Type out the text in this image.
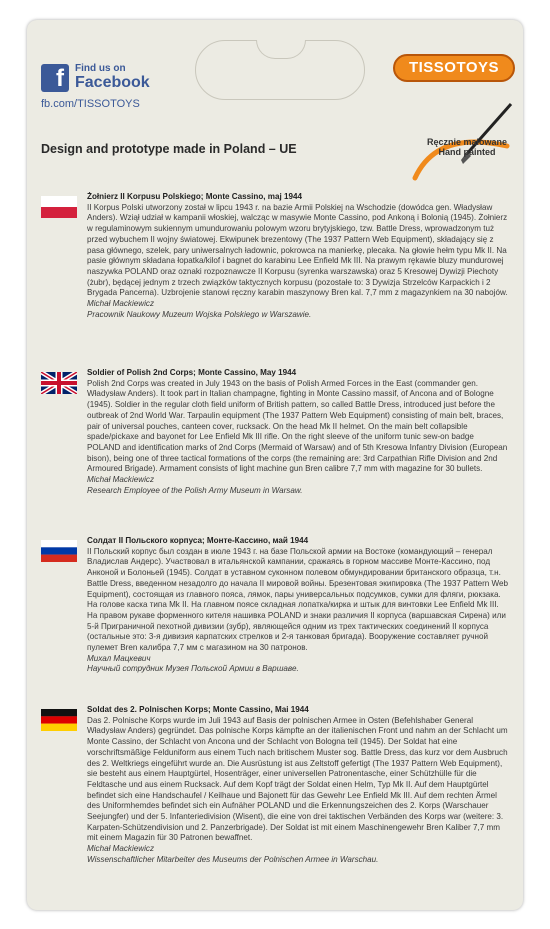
f	Find us on
Facebook
fb.com/TISSOTOYS
TISSOTOYS
Ręcznie malowane
Hand painted
Design and prototype made in Poland – UE
Żołnierz II Korpusu Polskiego; Monte Cassino, maj 1944
II Korpus Polski utworzony został w lipcu 1943 r. na bazie Armii Polskiej na Wschodzie (dowódca gen. Władysław Anders). Wziął udział w kampanii włoskiej, walcząc w masywie Monte Cassino, pod Ankoną i Bolonią (1945). Żołnierz w regulaminowym sukiennym umundurowaniu polowym wzoru brytyjskiego, tzw. Battle Dress, wprowadzonym tuż przed wybuchem II wojny światowej. Ekwipunek brezentowy (The 1937 Pattern Web Equipment), składający się z pasa głównego, szelek, pary uniwersalnych ładownic, pokrowca na manierkę, plecaka. Na głowie hełm typu Mk II. Na pasie głównym składana łopatka/kilof i bagnet do karabinu Lee Enfield Mk III. Na prawym rękawie bluzy mundurowej naszywka POLAND oraz oznaki rozpoznawcze II Korpusu (syrenka warszawska) oraz 5 Kresowej Dywizji Piechoty (żubr), będącej jednym z trzech związków taktycznych korpusu (pozostałe to: 3 Dywizja Strzelców Karpackich i 2 Brygada Pancerna). Uzbrojenie stanowi ręczny karabin maszynowy Bren kal. 7,7 mm z magazynkiem na 30 nabojów.
Michał Mackiewicz
Pracownik Naukowy Muzeum Wojska Polskiego w Warszawie.
Soldier of Polish 2nd Corps; Monte Cassino, May 1944
Polish 2nd Corps was created in July 1943 on the basis of Polish Armed Forces in the East (commander gen. Władysław Anders). It took part in Italian champagne, fighting in Monte Cassino massif, of Ancona and of Bologne (1945). Soldier in the regular cloth field uniform of British pattern, so called Battle Dress, introduced just before the outbreak of 2nd World War. Tarpaulin equipment (The 1937 Pattern Web Equipment) consisting of main belt, braces, pair of universal pouches, canteen cover, rucksack. On the head Mk II helmet. On the main belt collapsible spade/pickaxe and bayonet for Lee Enfield Mk III rifle. On the right sleeve of the uniform tunic sew-on badge POLAND and identification marks of 2nd Corps (Mermaid of Warsaw) and of 5th Kresowa Infantry Division (European bison), being one of three tactical formations of the corps (the remaining are: 3rd Carpathian Rifle Division and 2nd Armoured Brigade). Armament consists of light machine gun Bren calibre 7,7 mm with magazine for 30 bullets.
Michał Mackiewicz
Research Employee of the Polish Army Museum in Warsaw.
Солдат II Польского корпуса; Монте-Кассино, май 1944
II Польский корпус был создан в июле 1943 г. на базе Польской армии на Востоке (командующий – генерал Владислав Андерс). Участвовал в итальянской кампании, сражаясь в горном массиве Монте-Кассино, под Анконой и Болоньей (1945). Солдат в уставном суконном полевом обмундировании британского образца, т.н. Battle Dress, введенном незадолго до начала II мировой войны. Брезентовая экипировка (The 1937 Pattern Web Equipment), состоящая из главного пояса, лямок, пары универсальных подсумков, сумки для фляги, рюкзака. На голове каска типа Mk II. На главном поясе складная лопатка/кирка и штык для винтовки Lee Enfield Mk III. На правом рукаве форменного кителя нашивка POLAND и знаки различия II корпуса (варшавская Сирена) или 5-й Пригpаничной пехотной дивизии (зубр), являющейся одним из трех тактических соединений II корпуса (остальные это: 3-я дивизия карпатских стрелков и 2-я танковая бригада). Вооружение составляет ручной пулемет Bren калибра 7,7 мм с магазином на 30 патронов.
Михал Мацкевич
Научный сотрудник Музея Польской Армии в Варшаве.
Soldat des 2. Polnischen Korps; Monte Cassino, Mai 1944
Das 2. Polnische Korps wurde im Juli 1943 auf Basis der polnischen Armee in Osten (Befehlshaber General Władysław Anders) gegründet. Das polnische Korps kämpfte an der italienischen Front und nahm an der Schlacht um Monte Cassino, der Schlacht von Ancona und der Schlacht von Bologna teil (1945). Der Soldat hat eine vorschriftsmäßige Felduniform aus einem Tuch nach britischem Muster sog. Battle Dress, das kurz vor dem Ausbruch des 2. Weltkriegs eingeführt wurde an. Die Ausrüstung ist aus Zeltstoff gefertigt (The 1937 Pattern Web Equipment), sie besteht aus einem Hauptgürtel, Hosenträger, einer universellen Patronentasche, einer Schützhülle für die Feldtasche und aus einem Rucksack. Auf dem Kopf trägt der Soldat einen Helm, Typ Mk II. Auf dem Hauptgürtel befindet sich eine Handschaufel / Keilhaue und Bajonett für das Gewehr Lee Enfield Mk III. Auf dem rechten Ärmel des Uniformhemdes befindet sich ein Aufnäher POLAND und die Erkennungszeichen des 2. Korps (Warschauer Seejungfer) und der 5. Infanteriedivision (Wisent), die eine von drei taktischen Verbänden des Korps war (weitere: 3. Karpaten-Schützendivision und 2. Panzerbrigade). Der Soldat ist mit einem Maschinengewehr Bren Kaliber 7,7 mm mit einem Magazin für 30 Patronen bewaffnet.
Michał Mackiewicz
Wissenschaftlicher Mitarbeiter des Museums der Polnischen Armee in Warschau.
